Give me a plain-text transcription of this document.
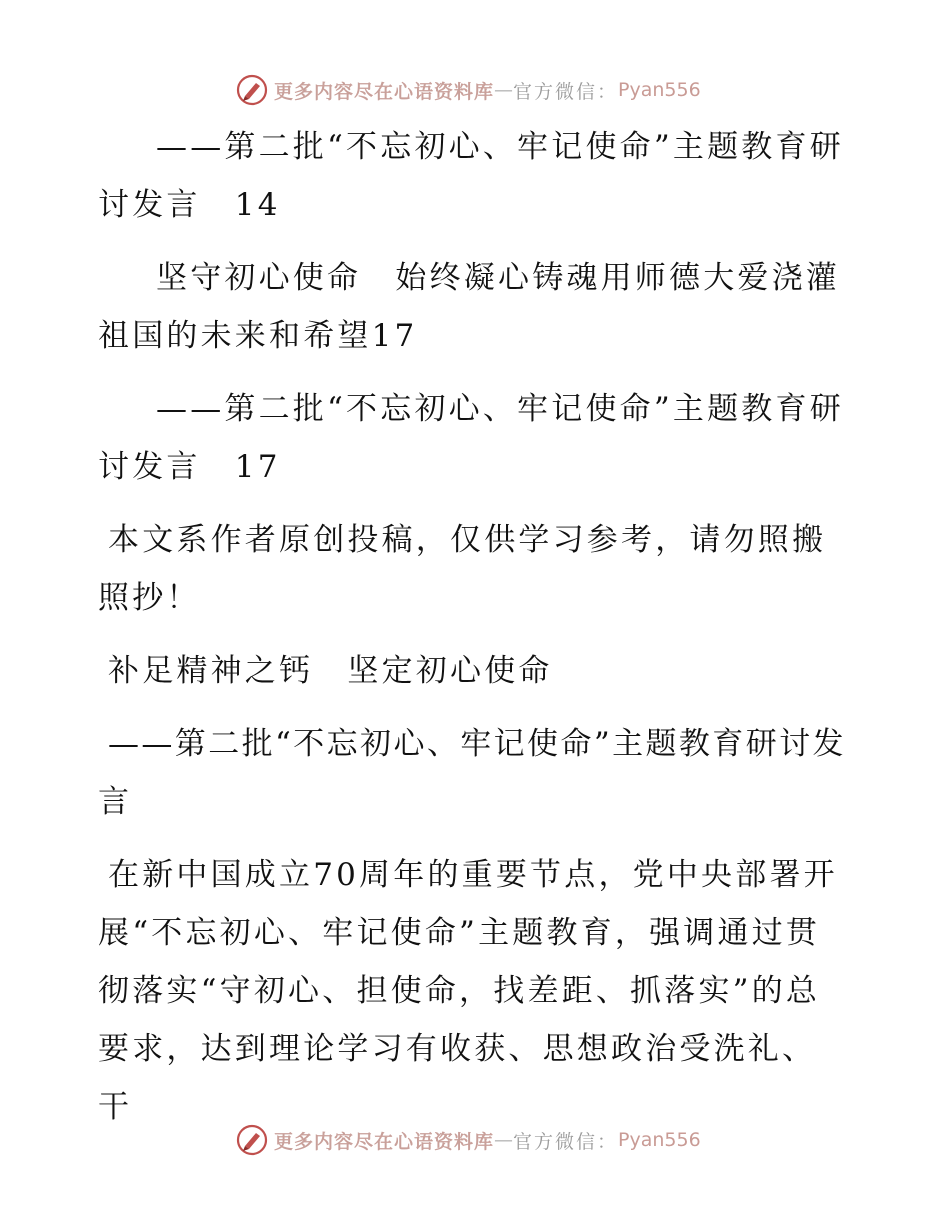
更多内容尽在心语资料库 — 官方微信： Pyan556

——第二批“不忘初心、牢记使命”主题教育研讨发言　14

坚守初心使命　始终凝心铸魂用师德大爱浇灌祖国的未来和希望17

——第二批“不忘初心、牢记使命”主题教育研讨发言　17

本文系作者原创投稿，仅供学习参考，请勿照搬照抄！

补足精神之钙　坚定初心使命

——第二批“不忘初心、牢记使命”主题教育研讨发言

在新中国成立70周年的重要节点，党中央部署开展“不忘初心、牢记使命”主题教育，强调通过贯彻落实“守初心、担使命，找差距、抓落实”的总要求，达到理论学习有收获、思想政治受洗礼、干

更多内容尽在心语资料库 — 官方微信： Pyan556
